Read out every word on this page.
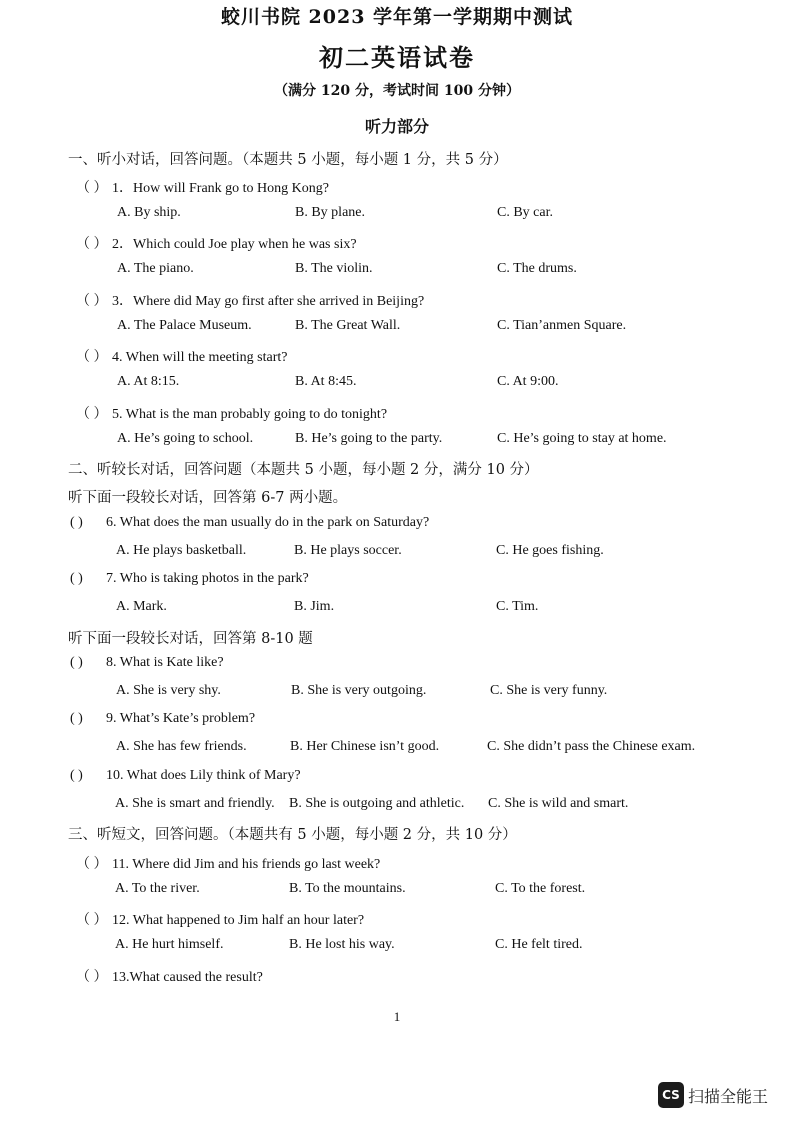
蛟川书院 2023 学年第一学期期中测试
初二英语试卷
（满分 120 分，考试时间 100 分钟）
听力部分
一、听小对话，回答问题。（本题共 5 小题，每小题 1 分，共 5 分）
（ ） 1．How will Frank go to Hong Kong?
A. By ship.	B. By plane.	C. By car.
（ ） 2．Which could Joe play when he was six?
A. The piano.	B. The violin.	C. The drums.
（ ） 3．Where did May go first after she arrived in Beijing?
A. The Palace Museum.	B. The Great Wall.	C. Tian’anmen Square.
（ ） 4. When will the meeting start?
A. At 8:15.	B. At 8:45.	C. At 9:00.
（ ） 5. What is the man probably going to do tonight?
A. He’s going to school.	B. He’s going to the party.	C. He’s going to stay at home.
二、听较长对话，回答问题（本题共 5 小题，每小题 2 分，满分 10 分）
听下面一段较长对话，回答第 6-7 两小题。
( ) 6. What does the man usually do in the park on Saturday?
A. He plays basketball.	B. He plays soccer.	C. He goes fishing.
( ) 7. Who is taking photos in the park?
A. Mark.	B. Jim.	C. Tim.
听下面一段较长对话，回答第 8-10 题
( ) 8. What is Kate like?
A. She is very shy.	B. She is very outgoing.	C. She is very funny.
( ) 9. What’s Kate’s problem?
A. She has few friends.	B. Her Chinese isn’t good.	C. She didn’t pass the Chinese exam.
( ) 10. What does Lily think of Mary?
A. She is smart and friendly. B. She is outgoing and athletic. C. She is wild and smart.
三、听短文，回答问题。（本题共有 5 小题，每小题 2 分，共 10 分）
（ ） 11. Where did Jim and his friends go last week?
A. To the river.	B. To the mountains.	C. To the forest.
（ ） 12. What happened to Jim half an hour later?
A. He hurt himself.	B. He lost his way.	C. He felt tired.
（ ） 13.What caused the result?
1
CS 扫描全能王
